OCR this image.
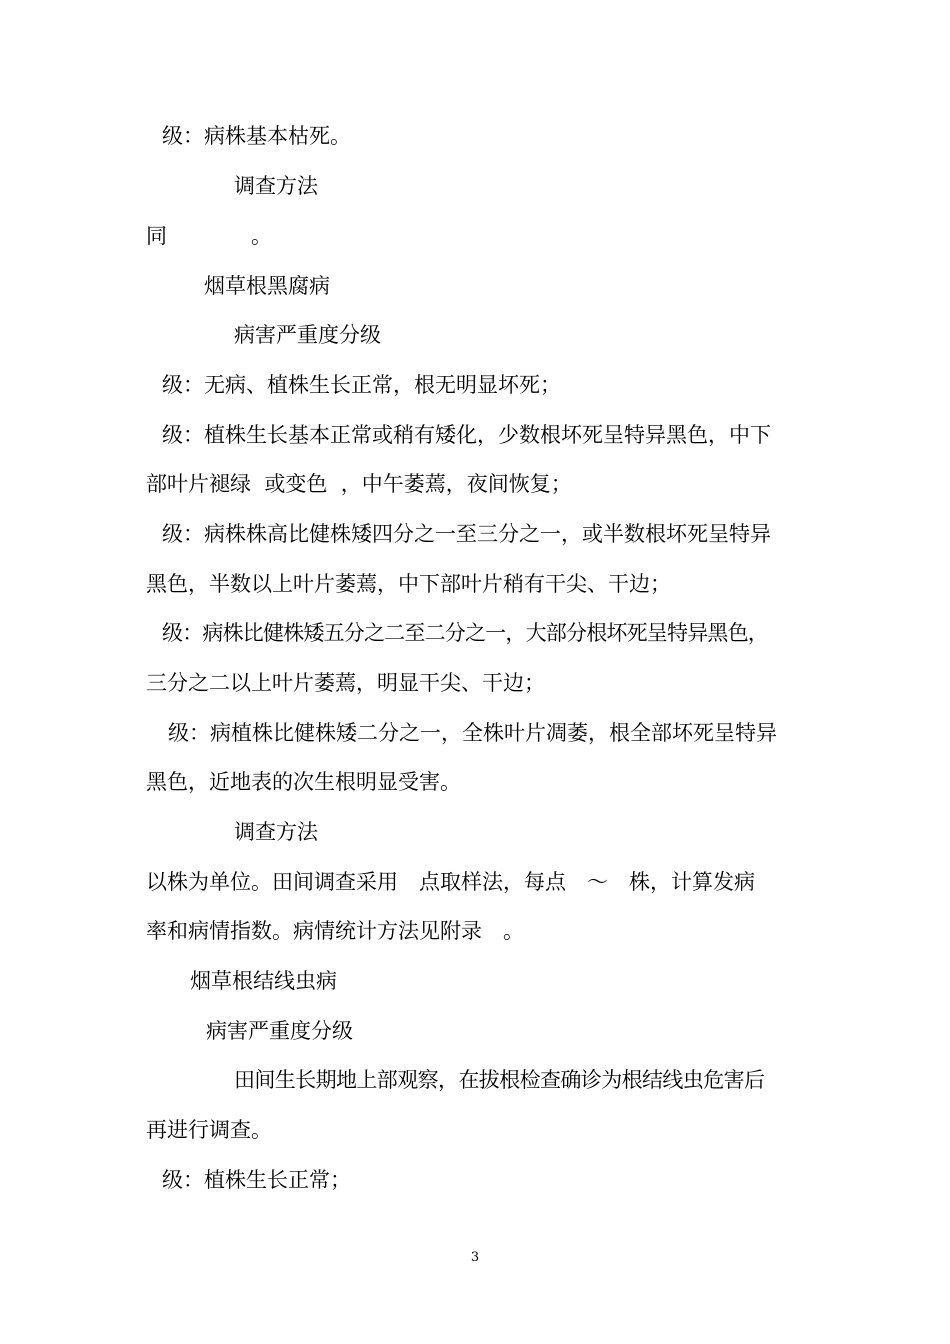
级：病株基本枯死。
调查方法
同　　　　。
烟草根黑腐病
病害严重度分级
级：无病、植株生长正常，根无明显坏死；
级：植株生长基本正常或稍有矮化，少数根坏死呈特异黑色，中下
部叶片褪绿  或变色  ，中午萎蔫，夜间恢复；
级：病株株高比健株矮四分之一至三分之一，或半数根坏死呈特异
黑色，半数以上叶片萎蔫，中下部叶片稍有干尖、干边；
级：病株比健株矮五分之二至二分之一，大部分根坏死呈特异黑色，
三分之二以上叶片萎蔫，明显干尖、干边；
级：病植株比健株矮二分之一，全株叶片凋萎，根全部坏死呈特异
黑色，近地表的次生根明显受害。
调查方法
以株为单位。田间调查采用　点取样法，每点　～　株，计算发病
率和病情指数。病情统计方法见附录　。
烟草根结线虫病
病害严重度分级
田间生长期地上部观察，在拔根检查确诊为根结线虫危害后
再进行调查。
级：植株生长正常；
3
